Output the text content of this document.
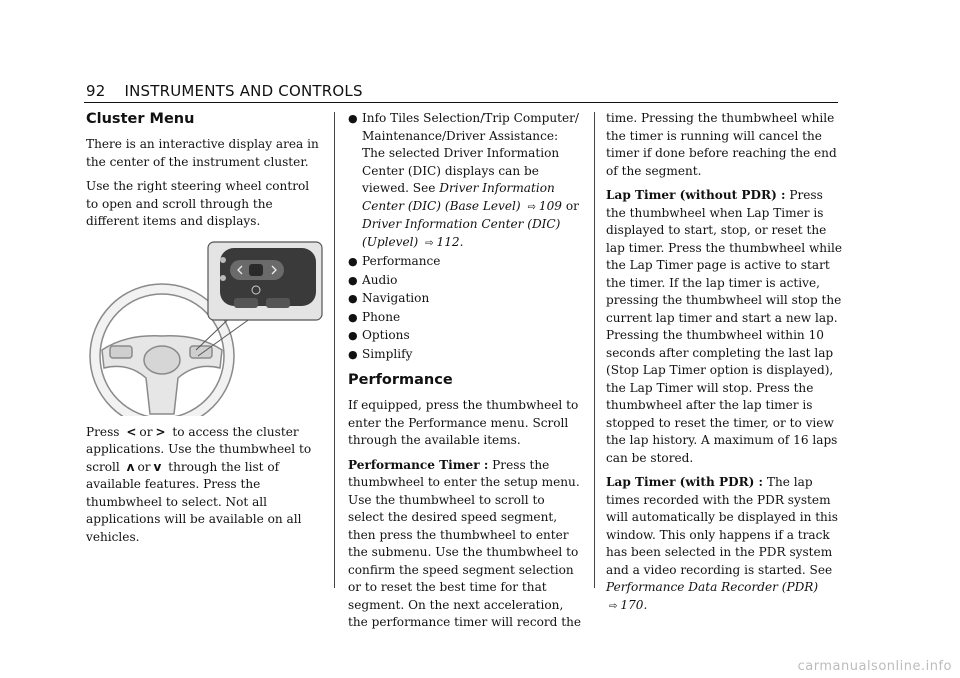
92 INSTRUMENTS AND CONTROLS
Cluster Menu

There is an interactive display area in the center of the instrument cluster.

Use the right steering wheel control to open and scroll through the different items and displays.

Press < or > to access the cluster applications. Use the thumbwheel to scroll ʌ or v through the list of available features. Press the thumbwheel to select. Not all applications will be available on all vehicles.

● Info Tiles Selection/Trip Computer/ Maintenance/Driver Assistance: The selected Driver Information Center (DIC) displays can be viewed. See Driver Information Center (DIC) (Base Level) ⇨ 109 or Driver Information Center (DIC) (Uplevel) ⇨ 112.
● Performance
● Audio
● Navigation
● Phone
● Options
● Simplify
Performance

If equipped, press the thumbwheel to enter the Performance menu. Scroll through the available items.

Performance Timer : Press the thumbwheel to enter the setup menu. Use the thumbwheel to scroll to select the desired speed segment, then press the thumbwheel to enter the submenu. Use the thumbwheel to confirm the speed segment selection or to reset the best time for that segment. On the next acceleration, the performance timer will record the

time. Pressing the thumbwheel while the timer is running will cancel the timer if done before reaching the end of the segment.

Lap Timer (without PDR) : Press the thumbwheel when Lap Timer is displayed to start, stop, or reset the lap timer. Press the thumbwheel while the Lap Timer page is active to start the timer. If the lap timer is active, pressing the thumbwheel will stop the current lap timer and start a new lap. Pressing the thumbwheel within 10 seconds after completing the last lap (Stop Lap Timer option is displayed), the Lap Timer will stop. Press the thumbwheel after the lap timer is stopped to reset the timer, or to view the lap history. A maximum of 16 laps can be stored.

Lap Timer (with PDR) : The lap times recorded with the PDR system will automatically be displayed in this window. This only happens if a track has been selected in the PDR system and a video recording is started. See Performance Data Recorder (PDR)
⇨ 170.

carmanualsonline.info
